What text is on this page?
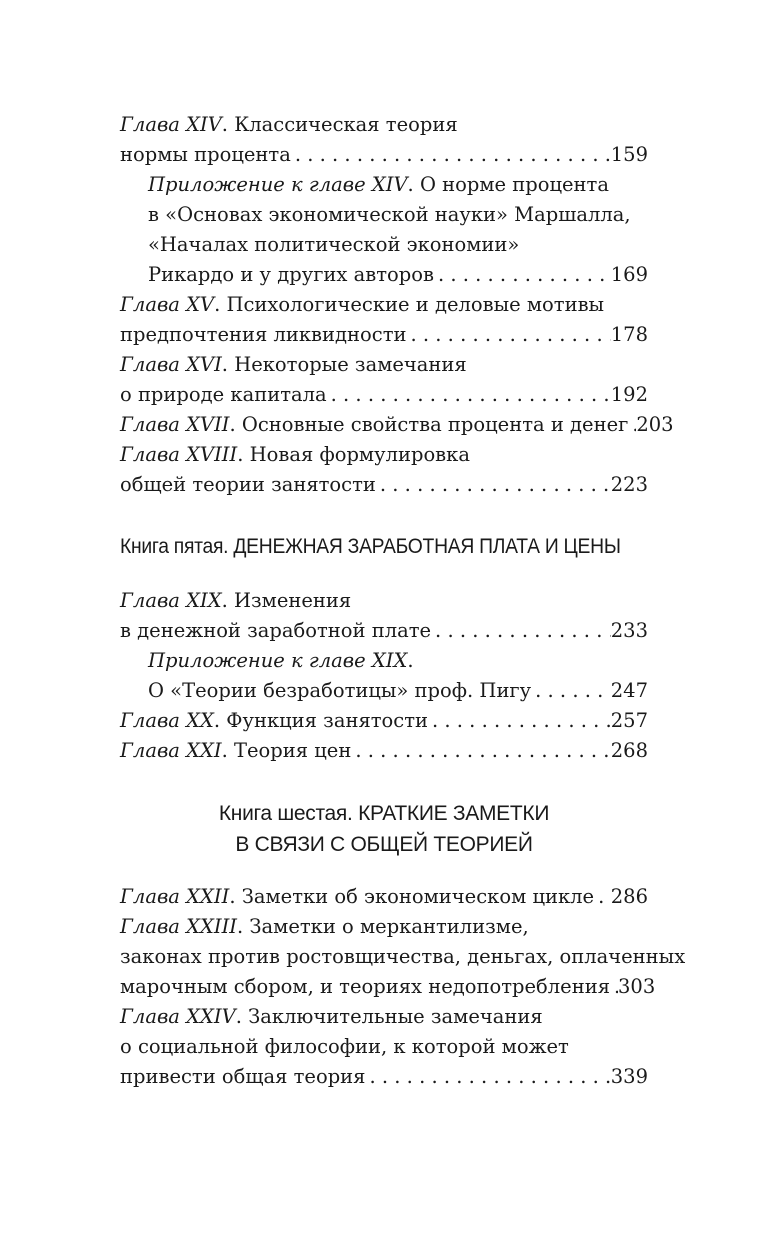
Глава XIV. Классическая теория
нормы процента . . .	159
Приложение к главе XIV. О норме процента
в «Основах экономической науки» Маршалла,
«Началах политической экономии»
Рикардо и у других авторов . . .	169
Глава XV. Психологические и деловые мотивы
предпочтения ликвидности . . .	178
Глава XVI. Некоторые замечания
о природе капитала . . .	192
Глава XVII. Основные свойства процента и денег . . . 203
Глава XVIII. Новая формулировка
общей теории занятости . . .	223
Книга пятая. ДЕНЕЖНАЯ ЗАРАБОТНАЯ ПЛАТА И ЦЕНЫ
Глава XIX. Изменения
в денежной заработной плате . . .	233
Приложение к главе XIX.
О «Теории безработицы» проф. Пигу . . .	247
Глава XX. Функция занятости . . .	257
Глава XXI. Теория цен . . .	268
Книга шестая. КРАТКИЕ ЗАМЕТКИ
В СВЯЗИ С ОБЩЕЙ ТЕОРИЕЙ
Глава XXII. Заметки об экономическом цикле . . . 286
Глава XXIII. Заметки о меркантилизме,
законах против ростовщичества, деньгах, оплаченных
марочным сбором, и теориях недопотребления . . . 303
Глава XXIV. Заключительные замечания
о социальной философии, к которой может
привести общая теория . . .	339
